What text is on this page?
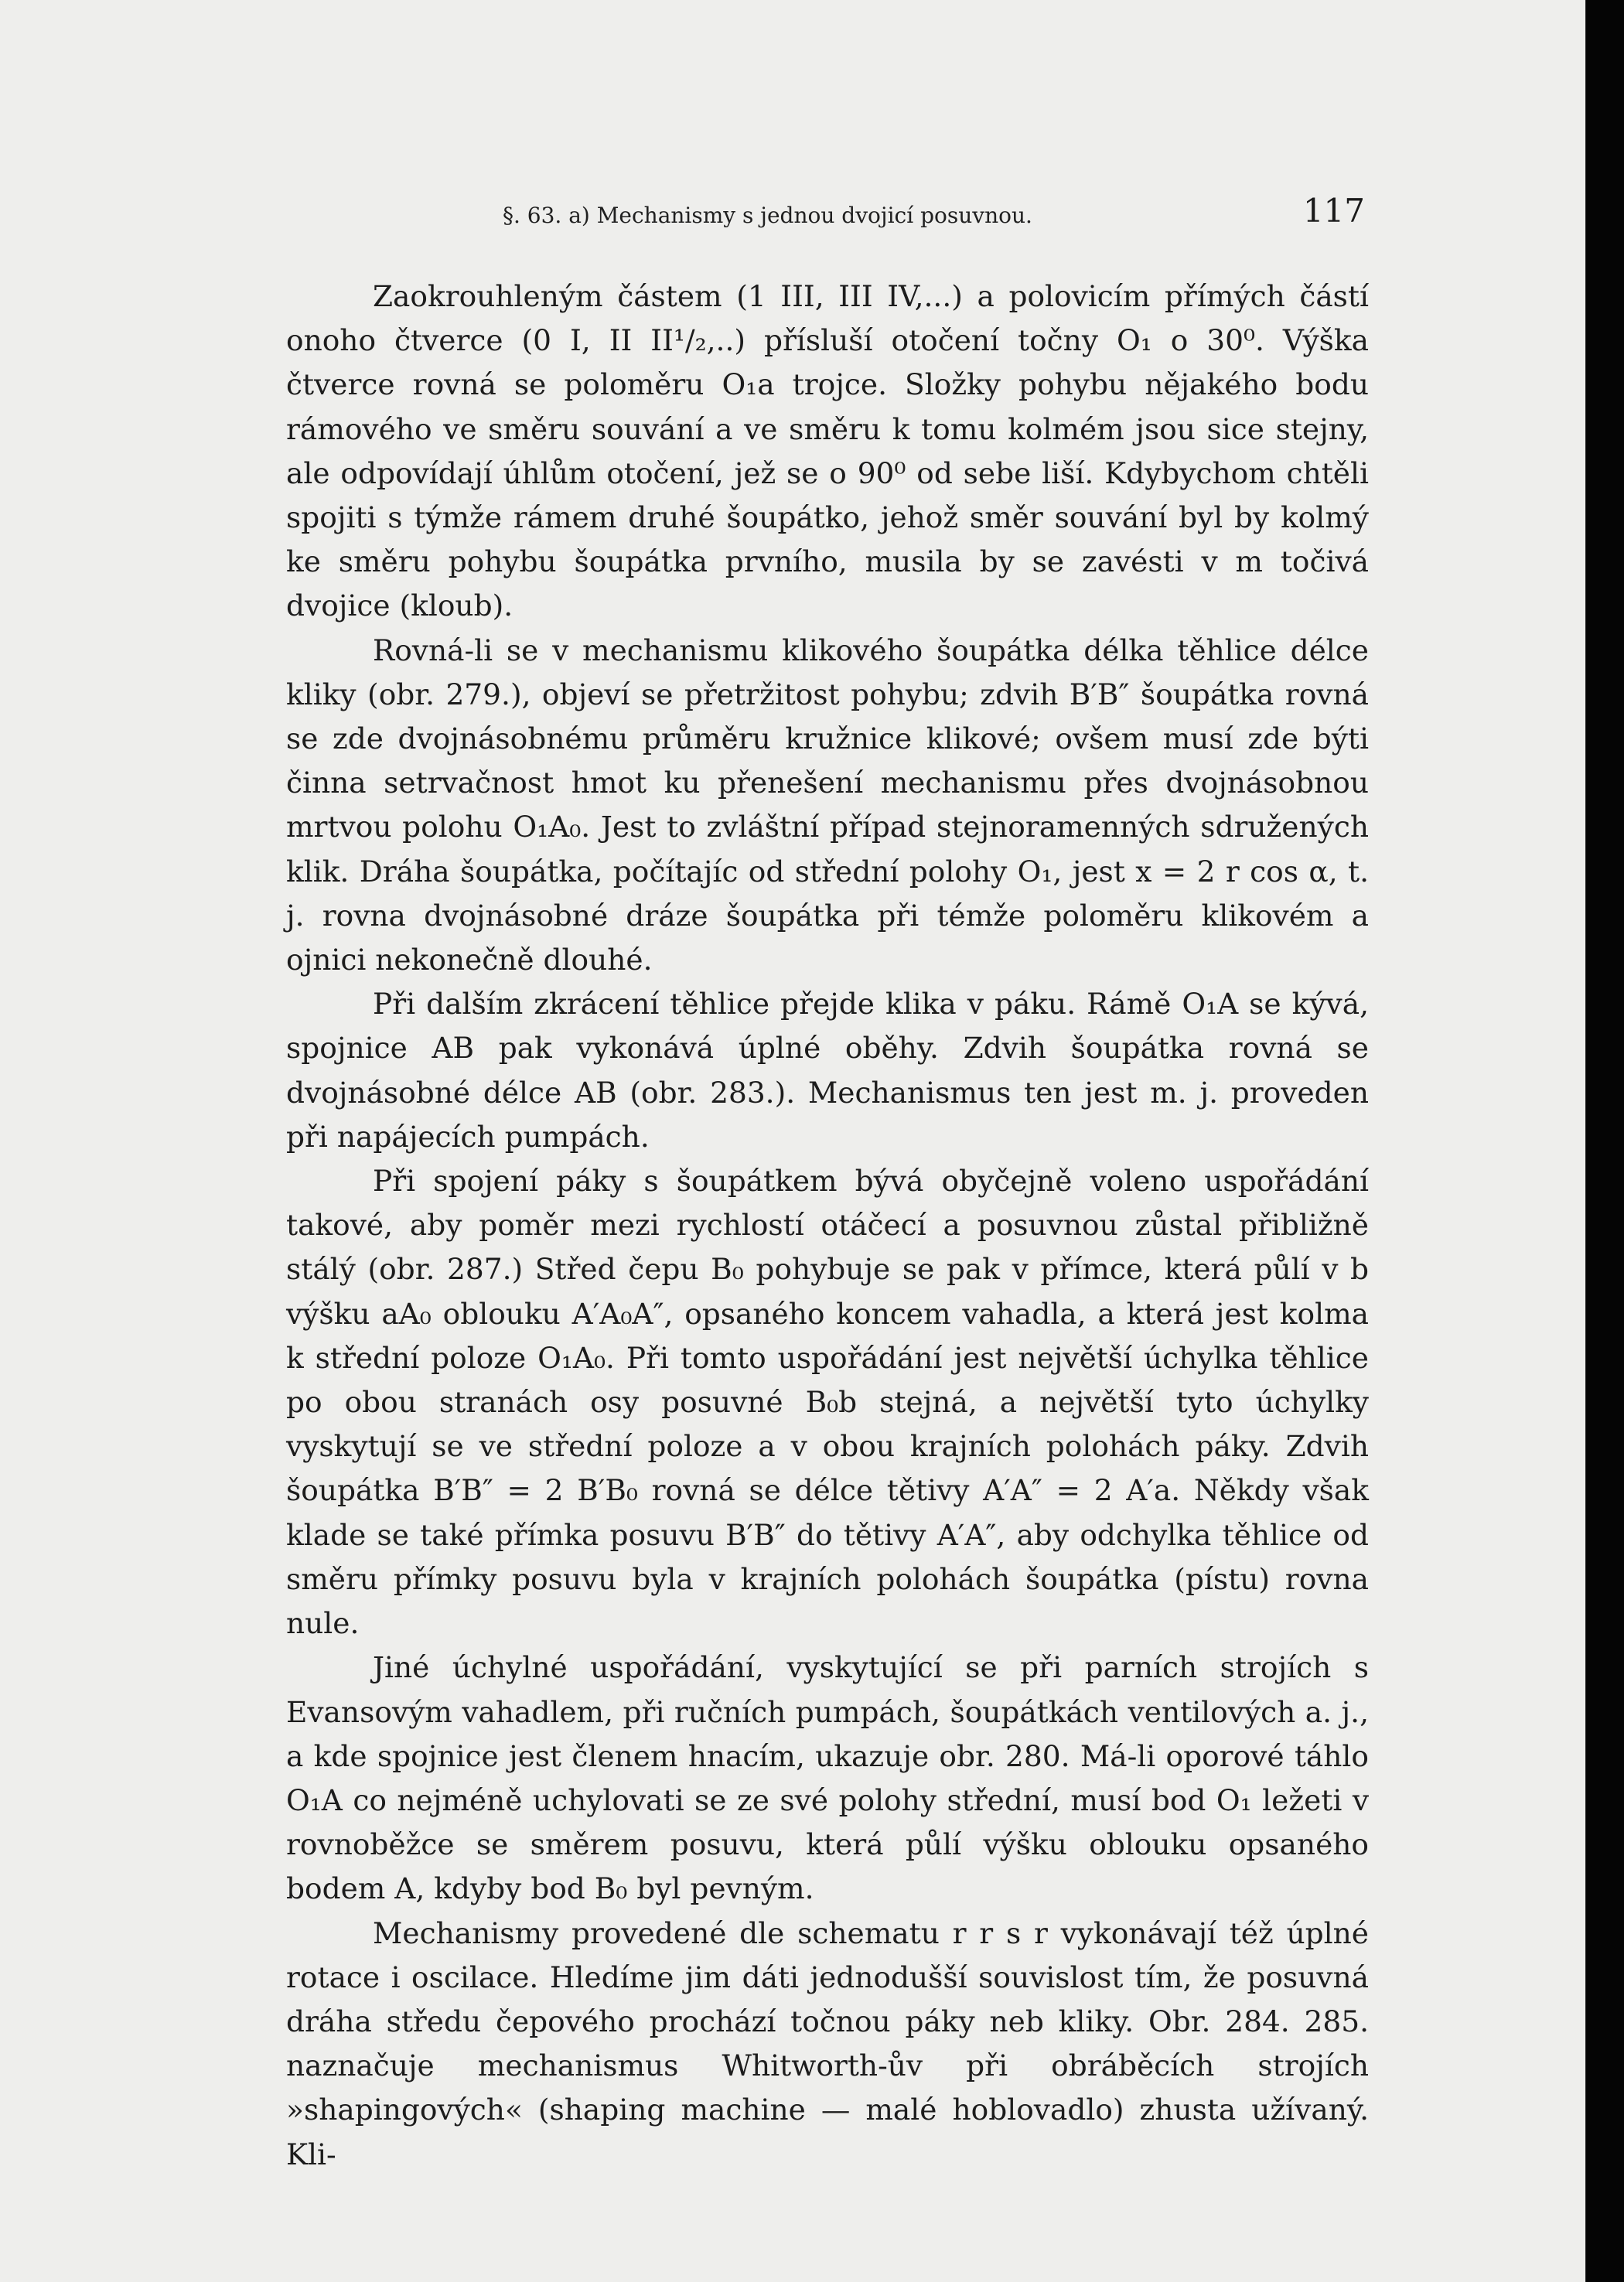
§. 63. a) Mechanismy s jednou dvojicí posuvnou.	117

Zaokrouhleným částem (1 III, III IV,...) a polovicím přímých částí onoho čtverce (0 I, II II¹/₂,..) přísluší otočení točny O₁ o 30⁰. Výška čtverce rovná se poloměru O₁a trojce. Složky pohybu nějakého bodu rámového ve směru souvání a ve směru k tomu kolmém jsou sice stejny, ale odpovídají úhlům otočení, jež se o 90⁰ od sebe liší. Kdybychom chtěli spojiti s týmže rámem druhé šoupátko, jehož směr souvání byl by kolmý ke směru pohybu šoupátka prvního, musila by se zavésti v m točivá dvojice (kloub).

Rovná-li se v mechanismu klikového šoupátka délka těhlice délce kliky (obr. 279.), objeví se přetržitost pohybu; zdvih B′B″ šoupátka rovná se zde dvojnásobnému průměru kružnice klikové; ovšem musí zde býti činna setrvačnost hmot ku přenešení mechanismu přes dvojnásobnou mrtvou polohu O₁A₀. Jest to zvláštní případ stejnoramenných sdružených klik. Dráha šoupátka, počítajíc od střední polohy O₁, jest x = 2 r cos α, t. j. rovna dvojnásobné dráze šoupátka při témže poloměru klikovém a ojnici nekonečně dlouhé.

Při dalším zkrácení těhlice přejde klika v páku. Rámě O₁A se kývá, spojnice AB pak vykonává úplné oběhy. Zdvih šoupátka rovná se dvojnásobné délce AB (obr. 283.). Mechanismus ten jest m. j. proveden při napájecích pumpách.

Při spojení páky s šoupátkem bývá obyčejně voleno uspořádání takové, aby poměr mezi rychlostí otáčecí a posuvnou zůstal přibližně stálý (obr. 287.) Střed čepu B₀ pohybuje se pak v přímce, která půlí v b výšku aA₀ oblouku A′A₀A″, opsaného koncem vahadla, a která jest kolma k střední poloze O₁A₀. Při tomto uspořádání jest největší úchylka těhlice po obou stranách osy posuvné B₀b stejná, a největší tyto úchylky vyskytují se ve střední poloze a v obou krajních polohách páky. Zdvih šoupátka B′B″ = 2 B′B₀ rovná se délce tětivy A′A″ = 2 A′a. Někdy však klade se také přímka posuvu B′B″ do tětivy A′A″, aby odchylka těhlice od směru přímky posuvu byla v krajních polohách šoupátka (pístu) rovna nule.

Jiné úchylné uspořádání, vyskytující se při parních strojích s Evansovým vahadlem, při ručních pumpách, šoupátkách ventilových a. j., a kde spojnice jest členem hnacím, ukazuje obr. 280. Má-li oporové táhlo O₁A co nejméně uchylovati se ze své polohy střední, musí bod O₁ ležeti v rovnoběžce se směrem posuvu, která půlí výšku oblouku opsaného bodem A, kdyby bod B₀ byl pevným.

Mechanismy provedené dle schematu r r s r vykonávají též úplné rotace i oscilace. Hledíme jim dáti jednodušší souvislost tím, že posuvná dráha středu čepového prochází točnou páky neb kliky. Obr. 284. 285. naznačuje mechanismus Whitworth-ův při obráběcích strojích »shapingových« (shaping machine — malé hoblovadlo) zhusta užívaný. Kli-
